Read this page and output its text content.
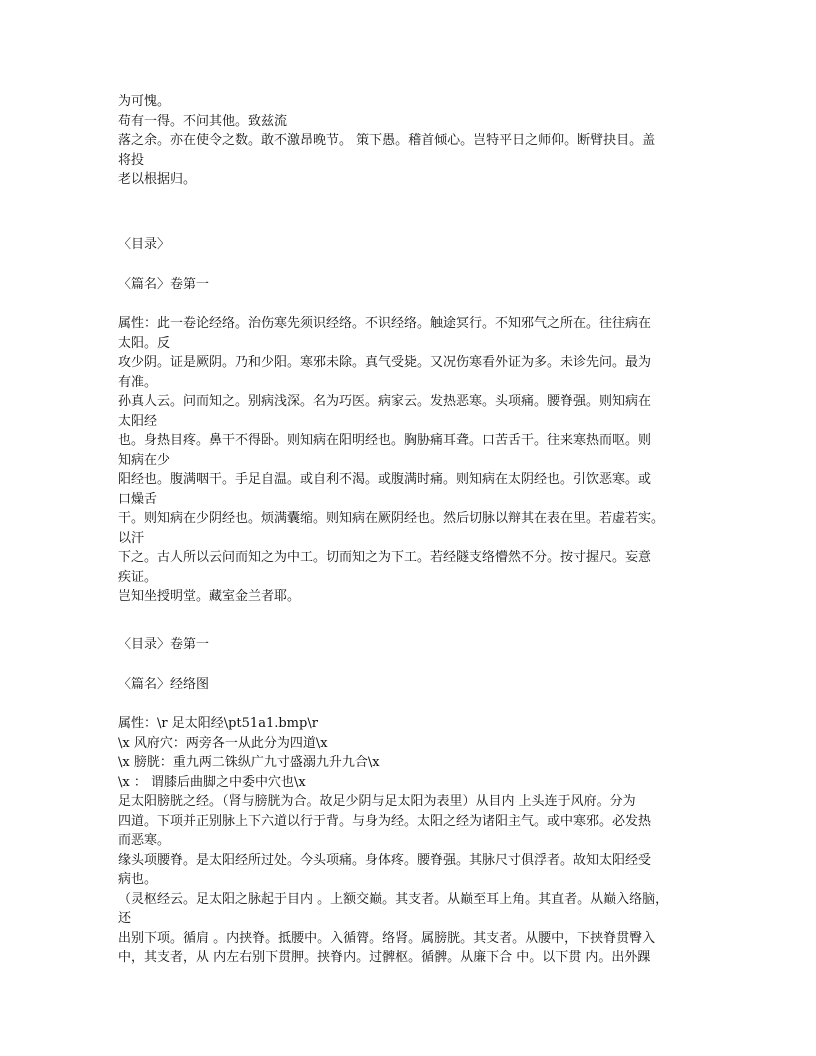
为可愧。
苟有一得。不问其他。致兹流
落之余。亦在使令之数。敢不激昂晚节。 策下愚。稽首倾心。岂特平日之师仰。断臂抉目。盖
将投
老以根据归。
〈目录〉
〈篇名〉卷第一
属性：此一卷论经络。治伤寒先须识经络。不识经络。触途冥行。不知邪气之所在。往往病在
太阳。反
攻少阴。证是厥阴。乃和少阳。寒邪未除。真气受毙。又况伤寒看外证为多。未诊先问。最为
有准。
孙真人云。问而知之。别病浅深。名为巧医。病家云。发热恶寒。头项痛。腰脊强。则知病在
太阳经
也。身热目疼。鼻干不得卧。则知病在阳明经也。胸胁痛耳聋。口苦舌干。往来寒热而呕。则
知病在少
阳经也。腹满咽干。手足自温。或自利不渴。或腹满时痛。则知病在太阴经也。引饮恶寒。或
口燥舌
干。则知病在少阴经也。烦满囊缩。则知病在厥阴经也。然后切脉以辩其在表在里。若虚若实。
以汗
下之。古人所以云问而知之为中工。切而知之为下工。若经隧支络懵然不分。按寸握尺。妄意
疾证。
岂知坐授明堂。藏室金兰者耶。
〈目录〉卷第一
〈篇名〉经络图
属性：\r 足太阳经\pt51a1.bmp\r
\x 风府穴：两旁各一从此分为四道\x
\x 膀胱：重九两二铢纵广九寸盛溺九升九合\x
\x ： 谓膝后曲脚之中委中穴也\x
足太阳膀胱之经。（肾与膀胱为合。故足少阴与足太阳为表里）从目内 上头连于风府。分为
四道。下项并正别脉上下六道以行于背。与身为经。太阳之经为诸阳主气。或中寒邪。必发热
而恶寒。
缘头项腰脊。是太阳经所过处。今头项痛。身体疼。腰脊强。其脉尺寸俱浮者。故知太阳经受
病也。
（灵枢经云。足太阳之脉起于目内 。上额交巅。其支者。从巅至耳上角。其直者。从巅入络脑，
还
出别下项。循肩 。内挟脊。抵腰中。入循膂。络肾。属膀胱。其支者。从腰中，下挟脊贯臀入
中，其支者，从 内左右别下贯胛。挟脊内。过髀枢。循髀。从廉下合 中。以下贯 内。出外踝
